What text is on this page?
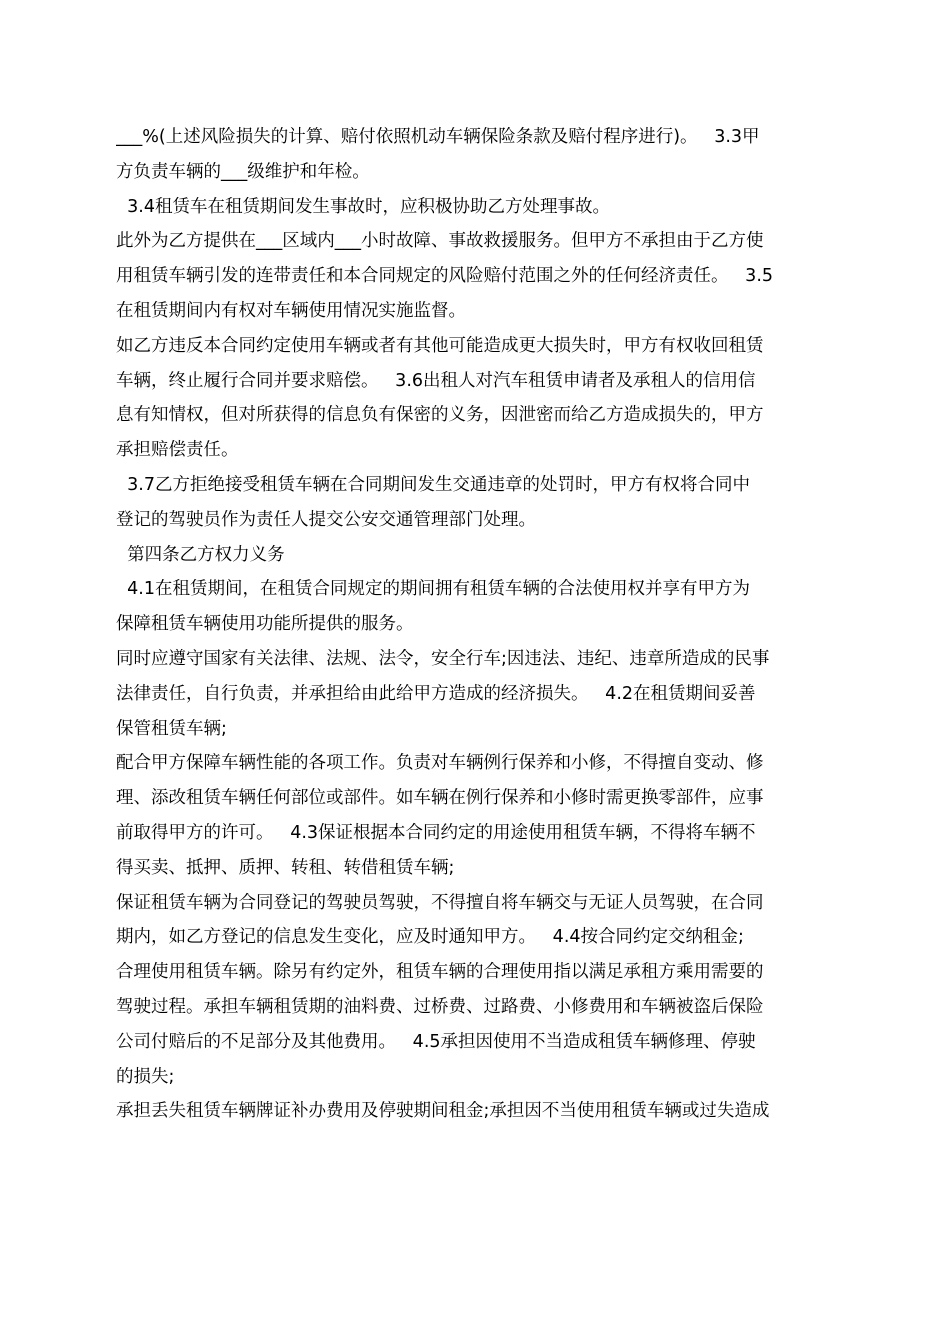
___%(上述风险损失的计算、赔付依照机动车辆保险条款及赔付程序进行)。   3.3甲
方负责车辆的___级维护和年检。
3.4租赁车在租赁期间发生事故时，应积极协助乙方处理事故。
此外为乙方提供在___区域内___小时故障、事故救援服务。但甲方不承担由于乙方使
用租赁车辆引发的连带责任和本合同规定的风险赔付范围之外的任何经济责任。   3.5
在租赁期间内有权对车辆使用情况实施监督。
如乙方违反本合同约定使用车辆或者有其他可能造成更大损失时，甲方有权收回租赁
车辆，终止履行合同并要求赔偿。   3.6出租人对汽车租赁申请者及承租人的信用信
息有知情权，但对所获得的信息负有保密的义务，因泄密而给乙方造成损失的，甲方
承担赔偿责任。
3.7乙方拒绝接受租赁车辆在合同期间发生交通违章的处罚时，甲方有权将合同中
登记的驾驶员作为责任人提交公安交通管理部门处理。
第四条乙方权力义务
4.1在租赁期间，在租赁合同规定的期间拥有租赁车辆的合法使用权并享有甲方为
保障租赁车辆使用功能所提供的服务。
同时应遵守国家有关法律、法规、法令，安全行车;因违法、违纪、违章所造成的民事
法律责任，自行负责，并承担给由此给甲方造成的经济损失。   4.2在租赁期间妥善
保管租赁车辆;
配合甲方保障车辆性能的各项工作。负责对车辆例行保养和小修，不得擅自变动、修
理、添改租赁车辆任何部位或部件。如车辆在例行保养和小修时需更换零部件，应事
前取得甲方的许可。   4.3保证根据本合同约定的用途使用租赁车辆，不得将车辆不
得买卖、抵押、质押、转租、转借租赁车辆;
保证租赁车辆为合同登记的驾驶员驾驶，不得擅自将车辆交与无证人员驾驶，在合同
期内，如乙方登记的信息发生变化，应及时通知甲方。   4.4按合同约定交纳租金;
合理使用租赁车辆。除另有约定外，租赁车辆的合理使用指以满足承租方乘用需要的
驾驶过程。承担车辆租赁期的油料费、过桥费、过路费、小修费用和车辆被盗后保险
公司付赔后的不足部分及其他费用。   4.5承担因使用不当造成租赁车辆修理、停驶
的损失;
承担丢失租赁车辆牌证补办费用及停驶期间租金;承担因不当使用租赁车辆或过失造成
